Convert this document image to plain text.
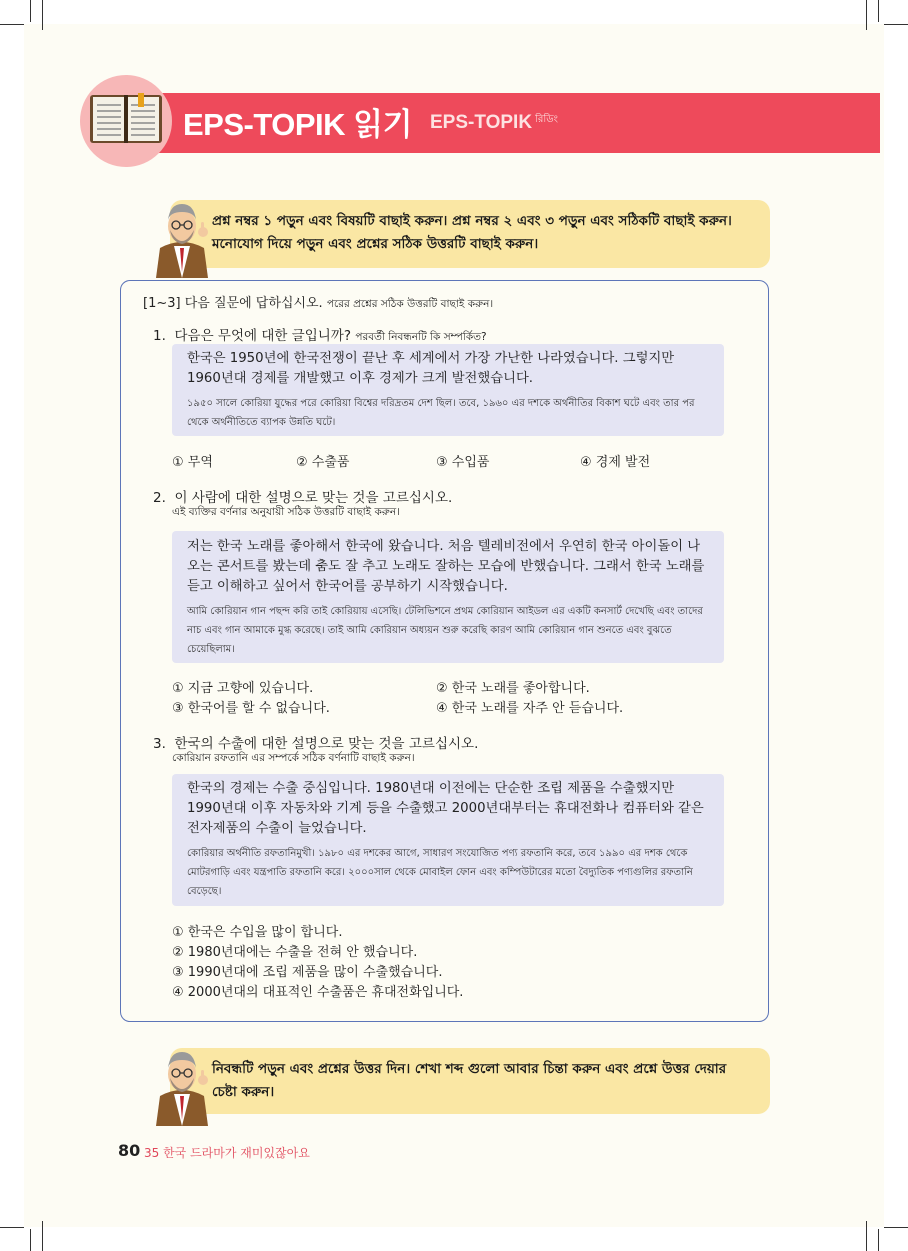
EPS-TOPIK 읽기 EPS-TOPIK $^{রিডিং}$
প্রশ্ন নম্বর ১ পড়ুন এবং বিষয়টি বাছাই করুন। প্রশ্ন নম্বর ২ এবং ৩ পড়ুন এবং সঠিকটি বাছাই করুন।
মনোযোগ দিয়ে পড়ুন এবং প্রশ্নের সঠিক উত্তরটি বাছাই করুন।
[1~3] 다음 질문에 답하십시오. পরের প্রশ্নের সঠিক উত্তরটি বাছাই করুন।
1. 다음은 무엇에 대한 글입니까? পরবর্তী নিবন্ধনটি কি সম্পর্কিত?
한국은 1950년에 한국전쟁이 끝난 후 세계에서 가장 가난한 나라였습니다. 그렇지만 1960년대 경제를 개발했고 이후 경제가 크게 발전했습니다.
১৯৫০ সালে কোরিয়া যুদ্ধের পরে কোরিয়া বিশ্বের দরিদ্রতম দেশ ছিল। তবে, ১৯৬০ এর দশকে অর্থনীতির বিকাশ ঘটে এবং তার পর থেকে অর্থনীতিতে ব্যাপক উন্নতি ঘটে।
① 무역	② 수출품	③ 수입품	④ 경제 발전
2. 이 사람에 대한 설명으로 맞는 것을 고르십시오.
এই ব্যক্তির বর্ণনার অনুযায়ী সঠিক উত্তরটি বাছাই করুন।
저는 한국 노래를 좋아해서 한국에 왔습니다. 처음 텔레비전에서 우연히 한국 아이돌이 나오는 콘서트를 봤는데 춤도 잘 추고 노래도 잘하는 모습에 반했습니다. 그래서 한국 노래를 듣고 이해하고 싶어서 한국어를 공부하기 시작했습니다.
আমি কোরিয়ান গান পছন্দ করি তাই কোরিয়ায় এসেছি। টেলিভিশনে প্রথম কোরিয়ান আইডল এর একটি কনসার্ট দেখেছি এবং তাদের নাচ এবং গান আমাকে মুগ্ধ করেছে। তাই আমি কোরিয়ান অধ্যয়ন শুরু করেছি কারণ আমি কোরিয়ান গান শুনতে এবং বুঝতে চেয়েছিলাম।
① 지금 고향에 있습니다.	② 한국 노래를 좋아합니다.
③ 한국어를 할 수 없습니다.	④ 한국 노래를 자주 안 듣습니다.
3. 한국의 수출에 대한 설명으로 맞는 것을 고르십시오.
কোরিয়ান রফতানি এর সম্পর্কে সঠিক বর্ণনাটি বাছাই করুন।
한국의 경제는 수출 중심입니다. 1980년대 이전에는 단순한 조립 제품을 수출했지만 1990년대 이후 자동차와 기계 등을 수출했고 2000년대부터는 휴대전화나 컴퓨터와 같은 전자제품의 수출이 늘었습니다.
কোরিয়ার অর্থনীতি রফতানিমুখী। ১৯৮০ এর দশকের আগে, সাধারণ সংযোজিত পণ্য রফতানি করে, তবে ১৯৯০ এর দশক থেকে মোটরগাড়ি এবং যন্ত্রপাতি রফতানি করে। ২০০০সাল থেকে মোবাইল ফোন এবং কম্পিউটারের মতো বৈদ্যুতিক পণ্যগুলির রফতানি বেড়েছে।
① 한국은 수입을 많이 합니다.
② 1980년대에는 수출을 전혀 안 했습니다.
③ 1990년대에 조립 제품을 많이 수출했습니다.
④ 2000년대의 대표적인 수출품은 휴대전화입니다.
নিবন্ধটি পড়ুন এবং প্রশ্নের উত্তর দিন। শেখা শব্দ গুলো আবার চিন্তা করুন এবং প্রশ্নে উত্তর দেয়ার চেষ্টা করুন।
80 35 한국 드라마가 재미있잖아요
